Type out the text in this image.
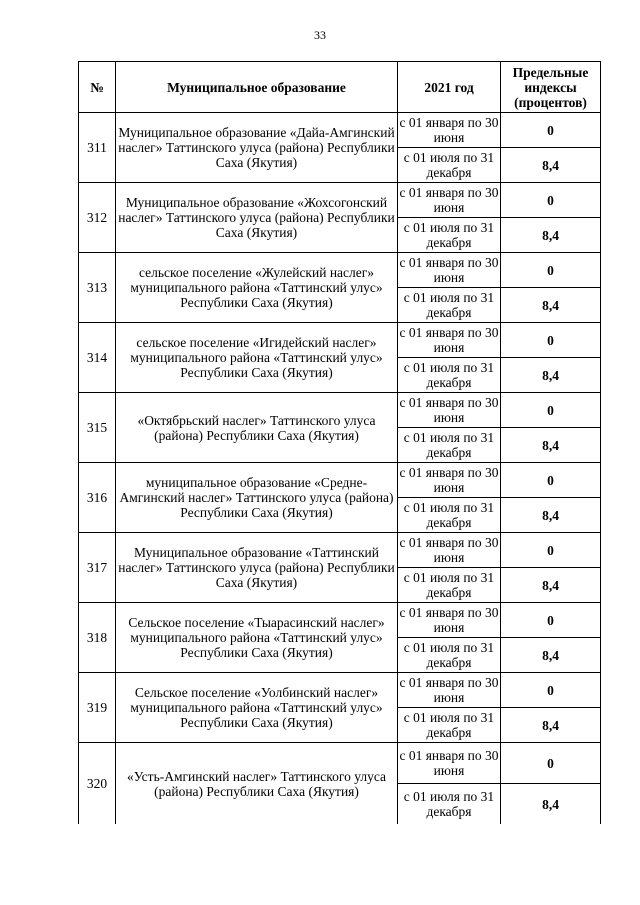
33
№	Муниципальное образование	2021 год	Предельные индексы (процентов)
311	Муниципальное образование «Дайа-Амгинский наслег» Таттинского улуса (района) Республики Саха (Якутия)	с 01 января по 30 июня	0
		с 01 июля по 31 декабря	8,4
312	Муниципальное образование «Жохсогонский наслег» Таттинского улуса (района) Республики Саха (Якутия)	с 01 января по 30 июня	0
		с 01 июля по 31 декабря	8,4
313	сельское поселение «Жулейский наслег» муниципального района «Таттинский улус» Республики Саха (Якутия)	с 01 января по 30 июня	0
		с 01 июля по 31 декабря	8,4
314	сельское поселение «Игидейский наслег» муниципального района «Таттинский улус» Республики Саха (Якутия)	с 01 января по 30 июня	0
		с 01 июля по 31 декабря	8,4
315	«Октябрьский наслег» Таттинского улуса (района) Республики Саха (Якутия)	с 01 января по 30 июня	0
		с 01 июля по 31 декабря	8,4
316	муниципальное образование «Средне-Амгинский наслег» Таттинского улуса (района) Республики Саха (Якутия)	с 01 января по 30 июня	0
		с 01 июля по 31 декабря	8,4
317	Муниципальное образование «Таттинский наслег» Таттинского улуса (района) Республики Саха (Якутия)	с 01 января по 30 июня	0
		с 01 июля по 31 декабря	8,4
318	Сельское поселение «Тыарасинский наслег» муниципального района «Таттинский улус» Республики Саха (Якутия)	с 01 января по 30 июня	0
		с 01 июля по 31 декабря	8,4
319	Сельское поселение «Уолбинский наслег» муниципального района «Таттинский улус» Республики Саха (Якутия)	с 01 января по 30 июня	0
		с 01 июля по 31 декабря	8,4
320	«Усть-Амгинский наслег» Таттинского улуса (района) Республики Саха (Якутия)	с 01 января по 30 июня	0
		с 01 июля по 31 декабря	8,4
